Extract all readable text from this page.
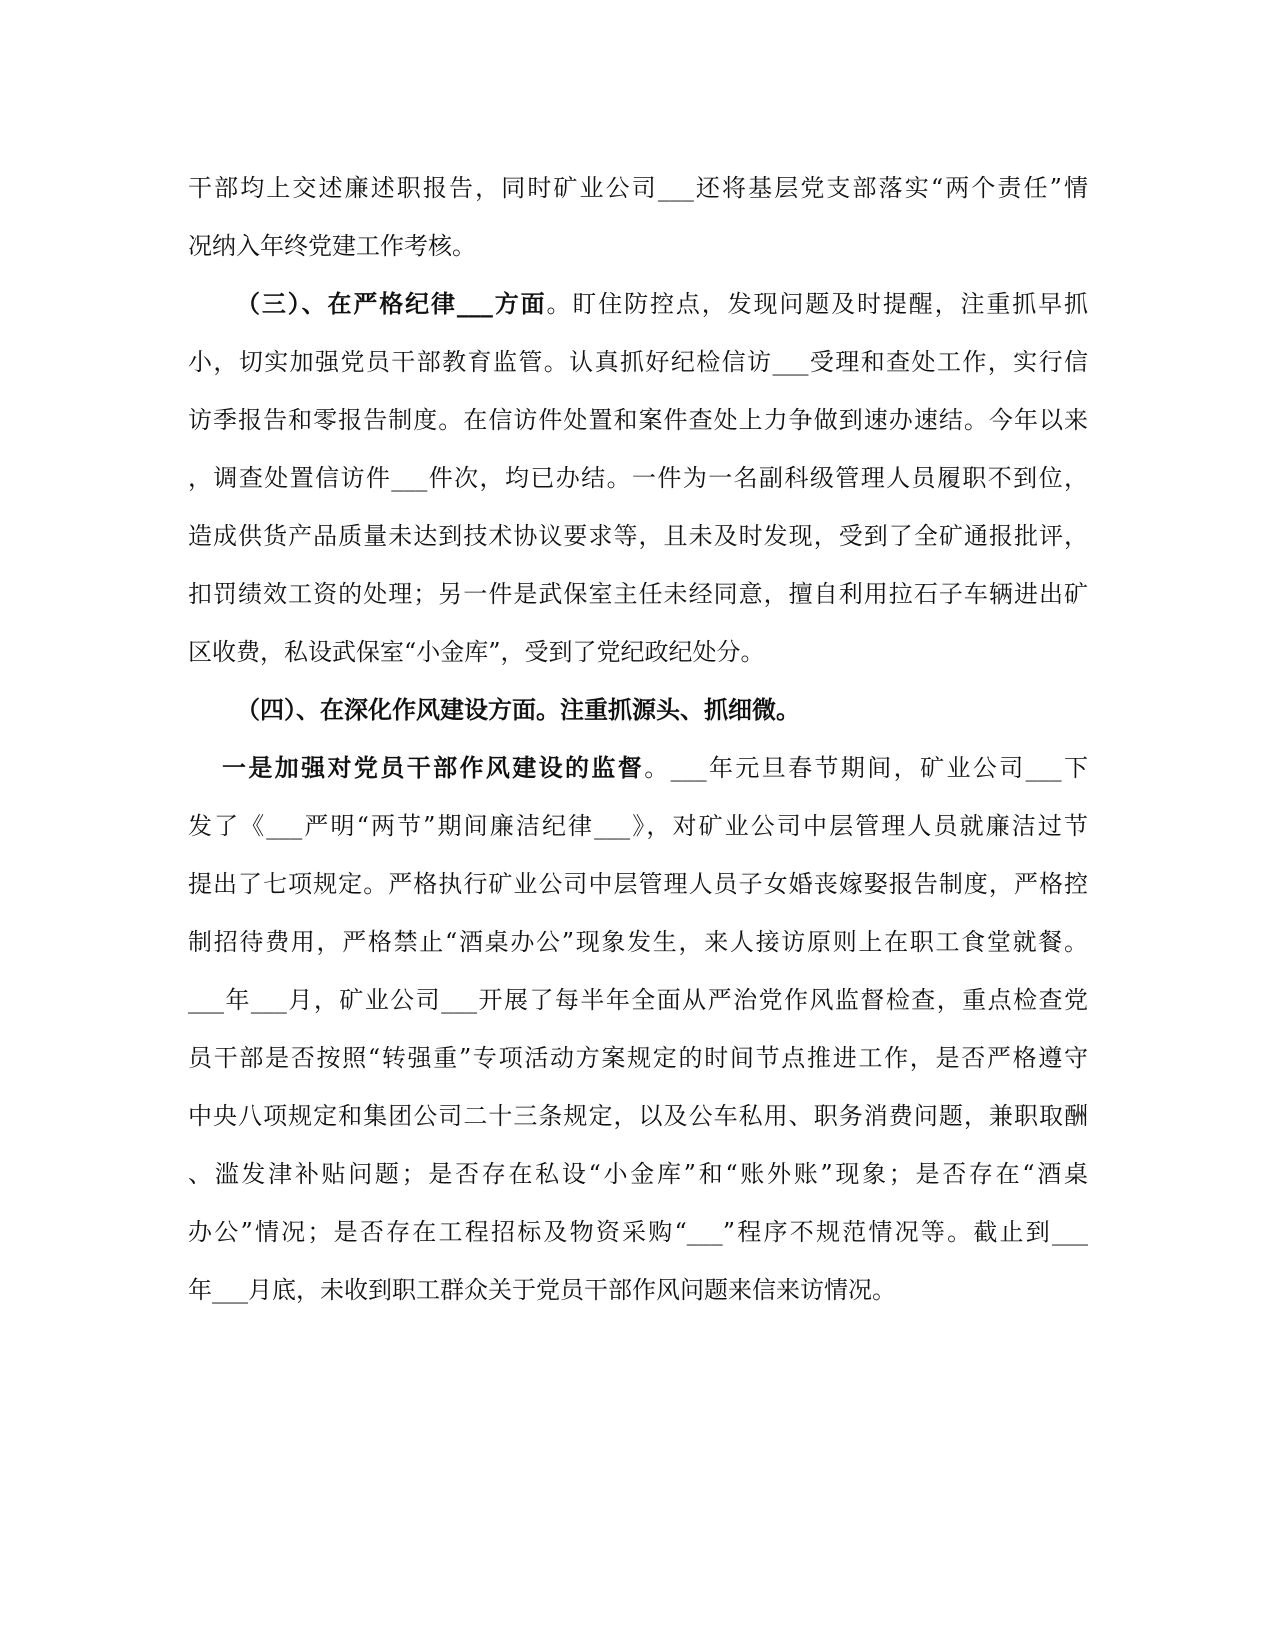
干部均上交述廉述职报告，同时矿业公司___还将基层党支部落实“两个责任”情
况纳入年终党建工作考核。
（三）、在严格纪律___方面。盯住防控点，发现问题及时提醒，注重抓早抓
小，切实加强党员干部教育监管。认真抓好纪检信访___受理和查处工作，实行信
访季报告和零报告制度。在信访件处置和案件查处上力争做到速办速结。今年以来
，调查处置信访件___件次，均已办结。一件为一名副科级管理人员履职不到位，
造成供货产品质量未达到技术协议要求等，且未及时发现，受到了全矿通报批评，
扣罚绩效工资的处理；另一件是武保室主任未经同意，擅自利用拉石子车辆进出矿
区收费，私设武保室“小金库”，受到了党纪政纪处分。
（四）、在深化作风建设方面。注重抓源头、抓细微。
一是加强对党员干部作风建设的监督。___年元旦春节期间，矿业公司___下
发了《___严明“两节”期间廉洁纪律___》，对矿业公司中层管理人员就廉洁过节
提出了七项规定。严格执行矿业公司中层管理人员子女婚丧嫁娶报告制度，严格控
制招待费用，严格禁止“酒桌办公”现象发生，来人接访原则上在职工食堂就餐。
___年___月，矿业公司___开展了每半年全面从严治党作风监督检查，重点检查党
员干部是否按照“转强重”专项活动方案规定的时间节点推进工作，是否严格遵守
中央八项规定和集团公司二十三条规定，以及公车私用、职务消费问题，兼职取酬
、滥发津补贴问题；是否存在私设“小金库”和“账外账”现象；是否存在“酒桌
办公”情况；是否存在工程招标及物资采购“___”程序不规范情况等。截止到___
年___月底，未收到职工群众关于党员干部作风问题来信来访情况。
